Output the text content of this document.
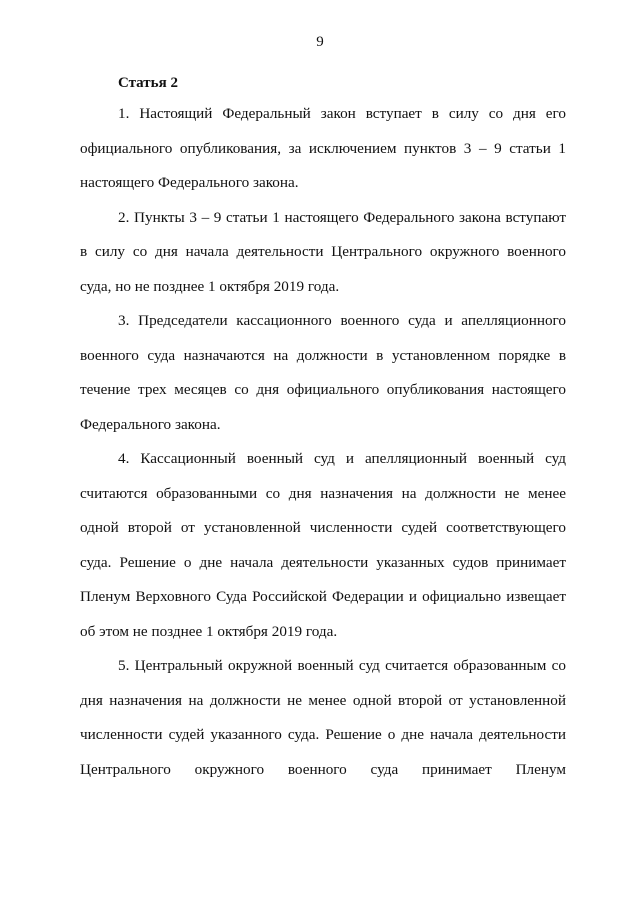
9
Статья 2

1. Настоящий Федеральный закон вступает в силу со дня его официального опубликования, за исключением пунктов 3 – 9 статьи 1 настоящего Федерального закона.

2. Пункты 3 – 9 статьи 1 настоящего Федерального закона вступают в силу со дня начала деятельности Центрального окружного военного суда, но не позднее 1 октября 2019 года.

3. Председатели кассационного военного суда и апелляционного военного суда назначаются на должности в установленном порядке в течение трех месяцев со дня официального опубликования настоящего Федерального закона.

4. Кассационный военный суд и апелляционный военный суд считаются образованными со дня назначения на должности не менее одной второй от установленной численности судей соответствующего суда. Решение о дне начала деятельности указанных судов принимает Пленум Верховного Суда Российской Федерации и официально извещает об этом не позднее 1 октября 2019 года.

5. Центральный окружной военный суд считается образованным со дня назначения на должности не менее одной второй от установленной численности судей указанного суда. Решение о дне начала деятельности Центрального окружного военного суда принимает Пленум
